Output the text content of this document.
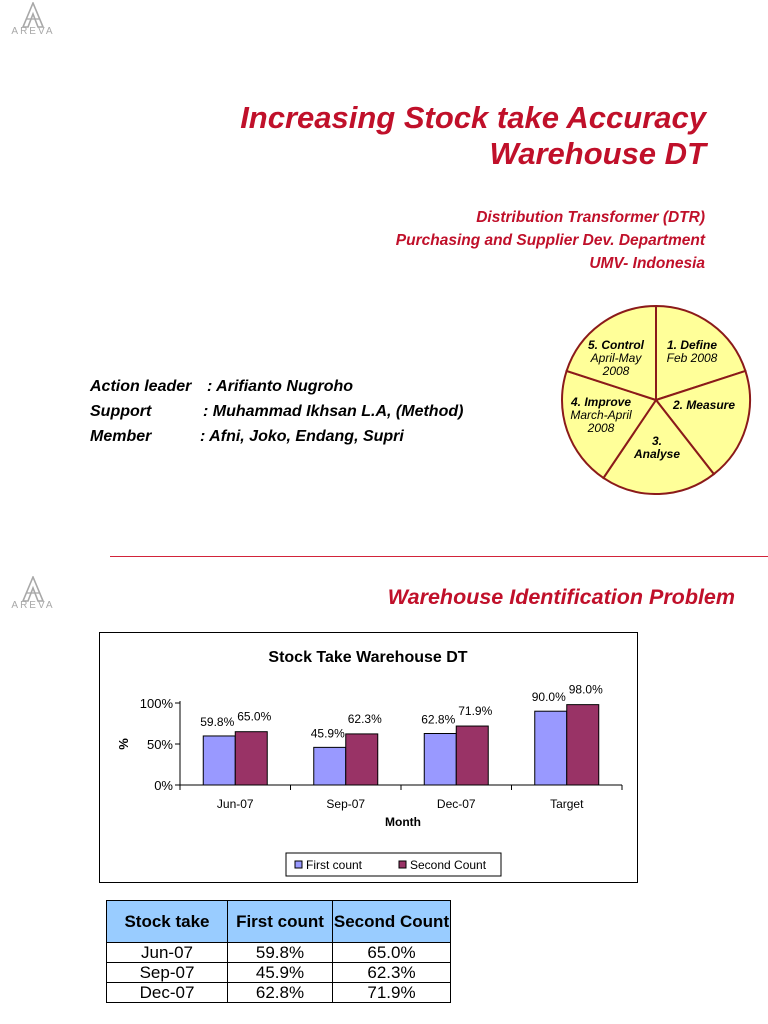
AREVA
Increasing Stock take Accuracy
Warehouse DT
Distribution Transformer (DTR)
Purchasing and Supplier Dev. Department
UMV- Indonesia
1. Define
Feb 2008
2. Measure
3.
Analyse
4. Improve
March-April
2008
5. Control
April-May
2008
Action leader : Arifianto Nugroho
Support	: Muhammad Ikhsan L.A, (Method)
Member	: Afni, Joko, Endang, Supri
AREVA	Warehouse Identification Problem
Stock Take Warehouse DT
0%
50%
100%
%
59.8% 65.0%
Jun-07
45.9%
62.3%
Sep-07
62.8%
71.9%
Dec-07
90.0%
98.0%
Target
Month
First count	Second Count
Stock take	First count	Second Count
Jun-07	59.8%	65.0%
Sep-07	45.9%	62.3%
Dec-07	62.8%	71.9%
